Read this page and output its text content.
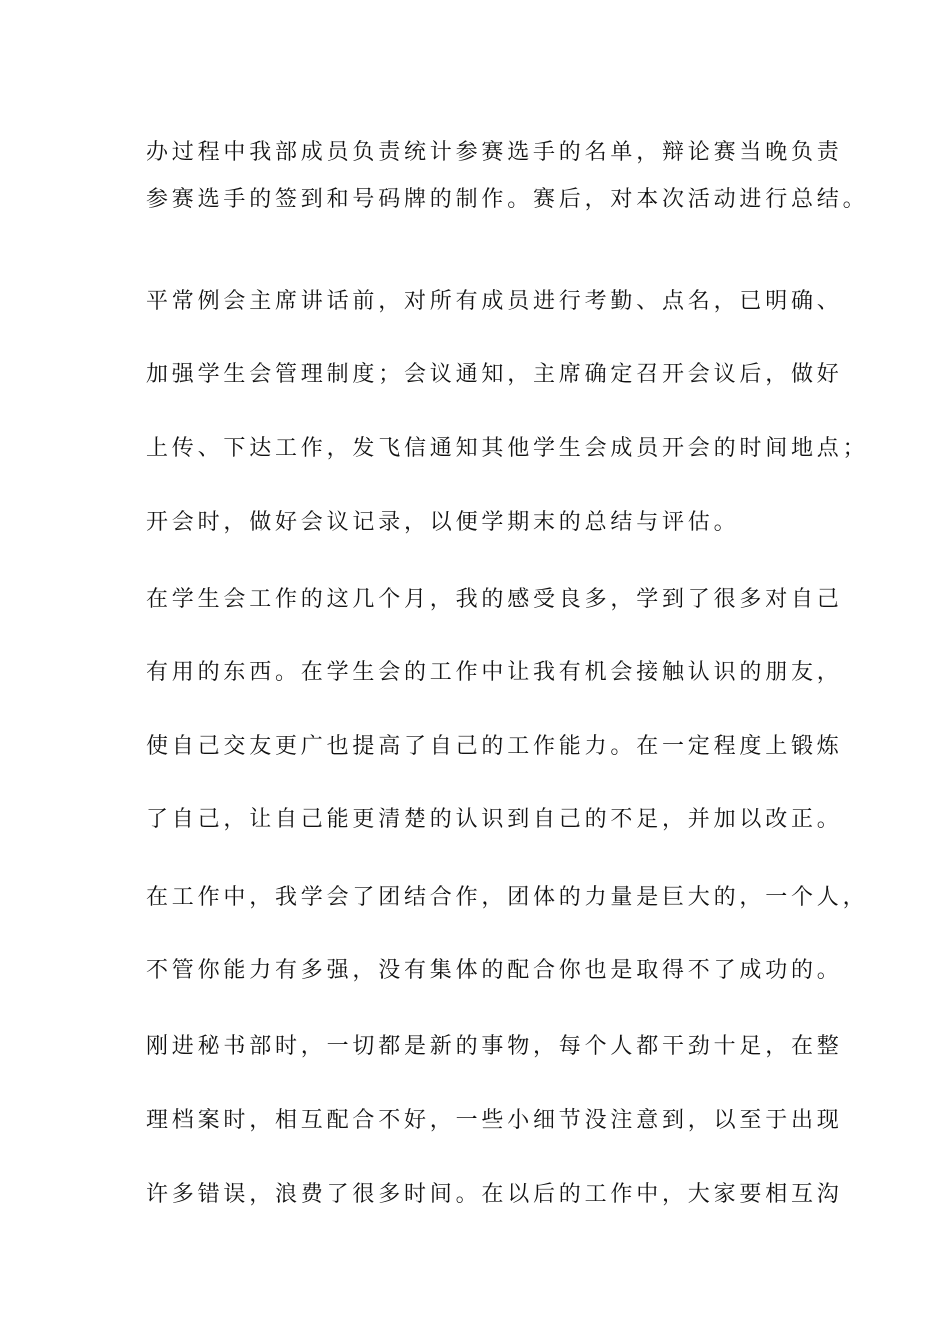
办过程中我部成员负责统计参赛选手的名单，辩论赛当晚负责
参赛选手的签到和号码牌的制作。赛后，对本次活动进行总结。
平常例会主席讲话前，对所有成员进行考勤、点名，已明确、
加强学生会管理制度；会议通知，主席确定召开会议后，做好
上传、下达工作，发飞信通知其他学生会成员开会的时间地点；
开会时，做好会议记录，以便学期末的总结与评估。
在学生会工作的这几个月，我的感受良多，学到了很多对自己
有用的东西。在学生会的工作中让我有机会接触认识的朋友，
使自己交友更广也提高了自己的工作能力。在一定程度上锻炼
了自己，让自己能更清楚的认识到自己的不足，并加以改正。
在工作中，我学会了团结合作，团体的力量是巨大的，一个人，
不管你能力有多强，没有集体的配合你也是取得不了成功的。
刚进秘书部时，一切都是新的事物，每个人都干劲十足，在整
理档案时，相互配合不好，一些小细节没注意到，以至于出现
许多错误，浪费了很多时间。在以后的工作中，大家要相互沟
